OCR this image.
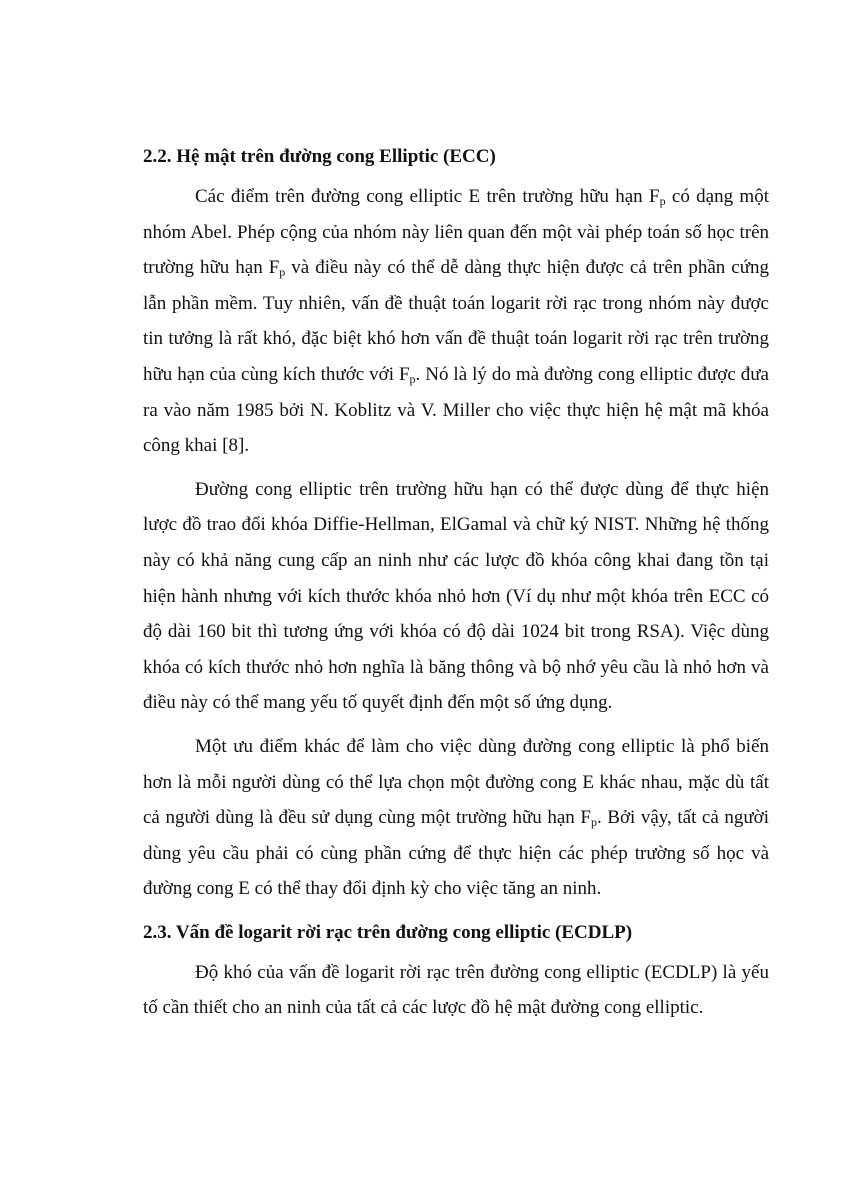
2.2. Hệ mật trên đường cong Elliptic (ECC)

Các điểm trên đường cong elliptic E trên trường hữu hạn $F_p$ có dạng một nhóm Abel. Phép cộng của nhóm này liên quan đến một vài phép toán số học trên trường hữu hạn $F_p$ và điều này có thể dễ dàng thực hiện được cả trên phần cứng lẫn phần mềm. Tuy nhiên, vấn đề thuật toán logarit rời rạc trong nhóm này được tin tưởng là rất khó, đặc biệt khó hơn vấn đề thuật toán logarit rời rạc trên trường hữu hạn của cùng kích thước với $F_p$. Nó là lý do mà đường cong elliptic được đưa ra vào năm 1985 bởi N. Koblitz và V. Miller cho việc thực hiện hệ mật mã khóa công khai [8].

Đường cong elliptic trên trường hữu hạn có thể được dùng để thực hiện lược đồ trao đổi khóa Diffie-Hellman, ElGamal và chữ ký NIST. Những hệ thống này có khả năng cung cấp an ninh như các lược đồ khóa công khai đang tồn tại hiện hành nhưng với kích thước khóa nhỏ hơn (Ví dụ như một khóa trên ECC có độ dài 160 bit thì tương ứng với khóa có độ dài 1024 bit trong RSA). Việc dùng khóa có kích thước nhỏ hơn nghĩa là băng thông và bộ nhớ yêu cầu là nhỏ hơn và điều này có thể mang yếu tố quyết định đến một số ứng dụng.

Một ưu điểm khác để làm cho việc dùng đường cong elliptic là phổ biến hơn là mỗi người dùng có thể lựa chọn một đường cong E khác nhau, mặc dù tất cả người dùng là đều sử dụng cùng một trường hữu hạn $F_p$. Bởi vậy, tất cả người dùng yêu cầu phải có cùng phần cứng để thực hiện các phép trường số học và đường cong E có thể thay đổi định kỳ cho việc tăng an ninh.

2.3. Vấn đề logarit rời rạc trên đường cong elliptic (ECDLP)

Độ khó của vấn đề logarit rời rạc trên đường cong elliptic (ECDLP) là yếu tố cần thiết cho an ninh của tất cả các lược đồ hệ mật đường cong elliptic.
